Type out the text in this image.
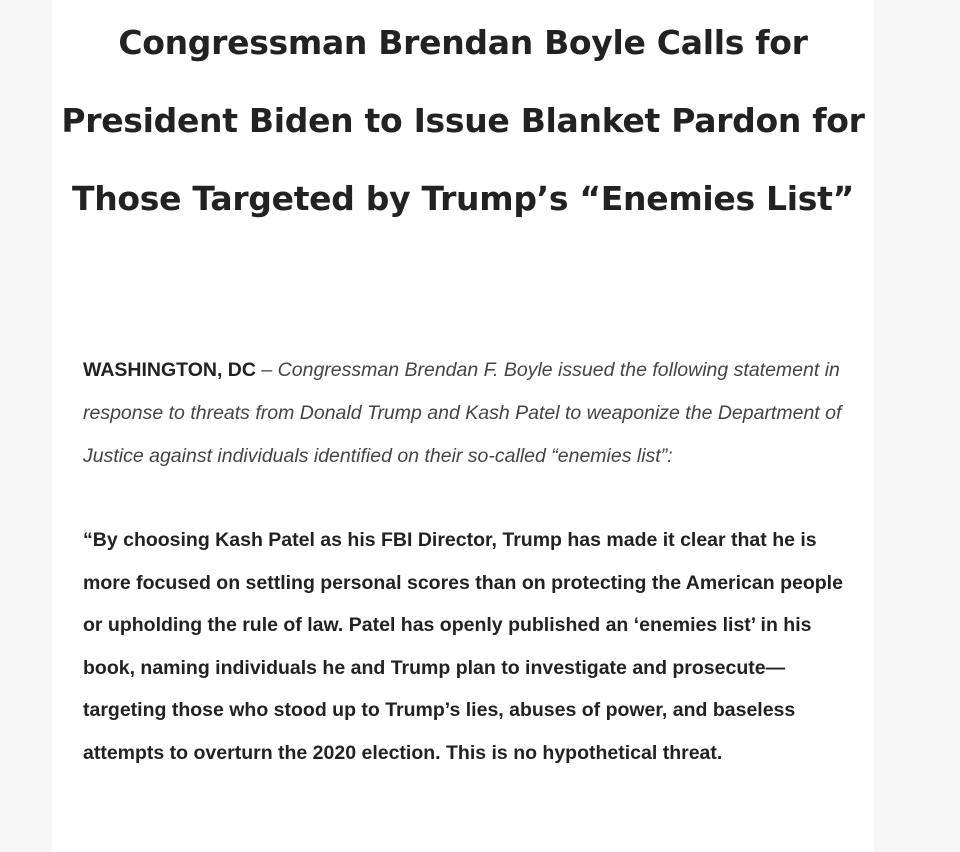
Congressman Brendan Boyle Calls for President Biden to Issue Blanket Pardon for Those Targeted by Trump’s “Enemies List”

WASHINGTON, DC – Congressman Brendan F. Boyle issued the following statement in response to threats from Donald Trump and Kash Patel to weaponize the Department of Justice against individuals identified on their so-called “enemies list”:

“By choosing Kash Patel as his FBI Director, Trump has made it clear that he is more focused on settling personal scores than on protecting the American people or upholding the rule of law. Patel has openly published an ‘enemies list’ in his book, naming individuals he and Trump plan to investigate and prosecute—targeting those who stood up to Trump’s lies, abuses of power, and baseless attempts to overturn the 2020 election. This is no hypothetical threat.
